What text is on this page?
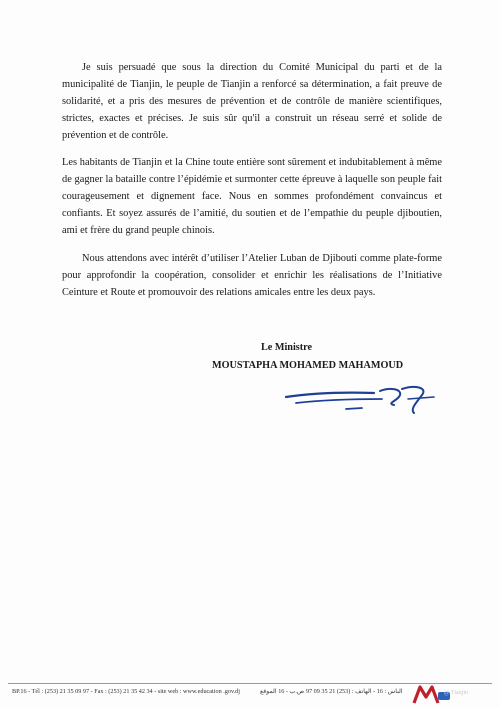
Je suis persuadé que sous la direction du Comité Municipal du parti et de la municipalité de Tianjin, le peuple de Tianjin a renforcé sa détermination, a fait preuve de solidarité, et a pris des mesures de prévention et de contrôle de manière scientifiques, strictes, exactes et précises. Je suis sûr qu'il a construit un réseau serré et solide de prévention et de contrôle.

Les habitants de Tianjin et la Chine toute entière sont sûrement et indubitablement à même de gagner la bataille contre l’épidémie et surmonter cette épreuve à laquelle son peuple fait courageusement et dignement face. Nous en sommes profondément convaincus et confiants. Et soyez assurés de l’amitié, du soutien et de l’empathie du peuple djiboutien, ami et frère du grand peuple chinois.

Nous attendons avec intérêt d’utiliser l’Atelier Luban de Djibouti comme plate-forme pour approfondir la coopération, consolider et enrichir les réalisations de l’Initiative Ceinture et Route et promouvoir des relations amicales entre les deux pays.

Le Ministre

MOUSTAPHA MOHAMED MAHAMOUD

BP.16 - Tél : (253) 21 35 09 97 - Fax : (253) 21 35 42 34 - site web : www.education .gov.dj	الباس : 16 - الهاتف : (253) 21 35 09 97 ص.ب - 16 الموقع	@ Tianjin
